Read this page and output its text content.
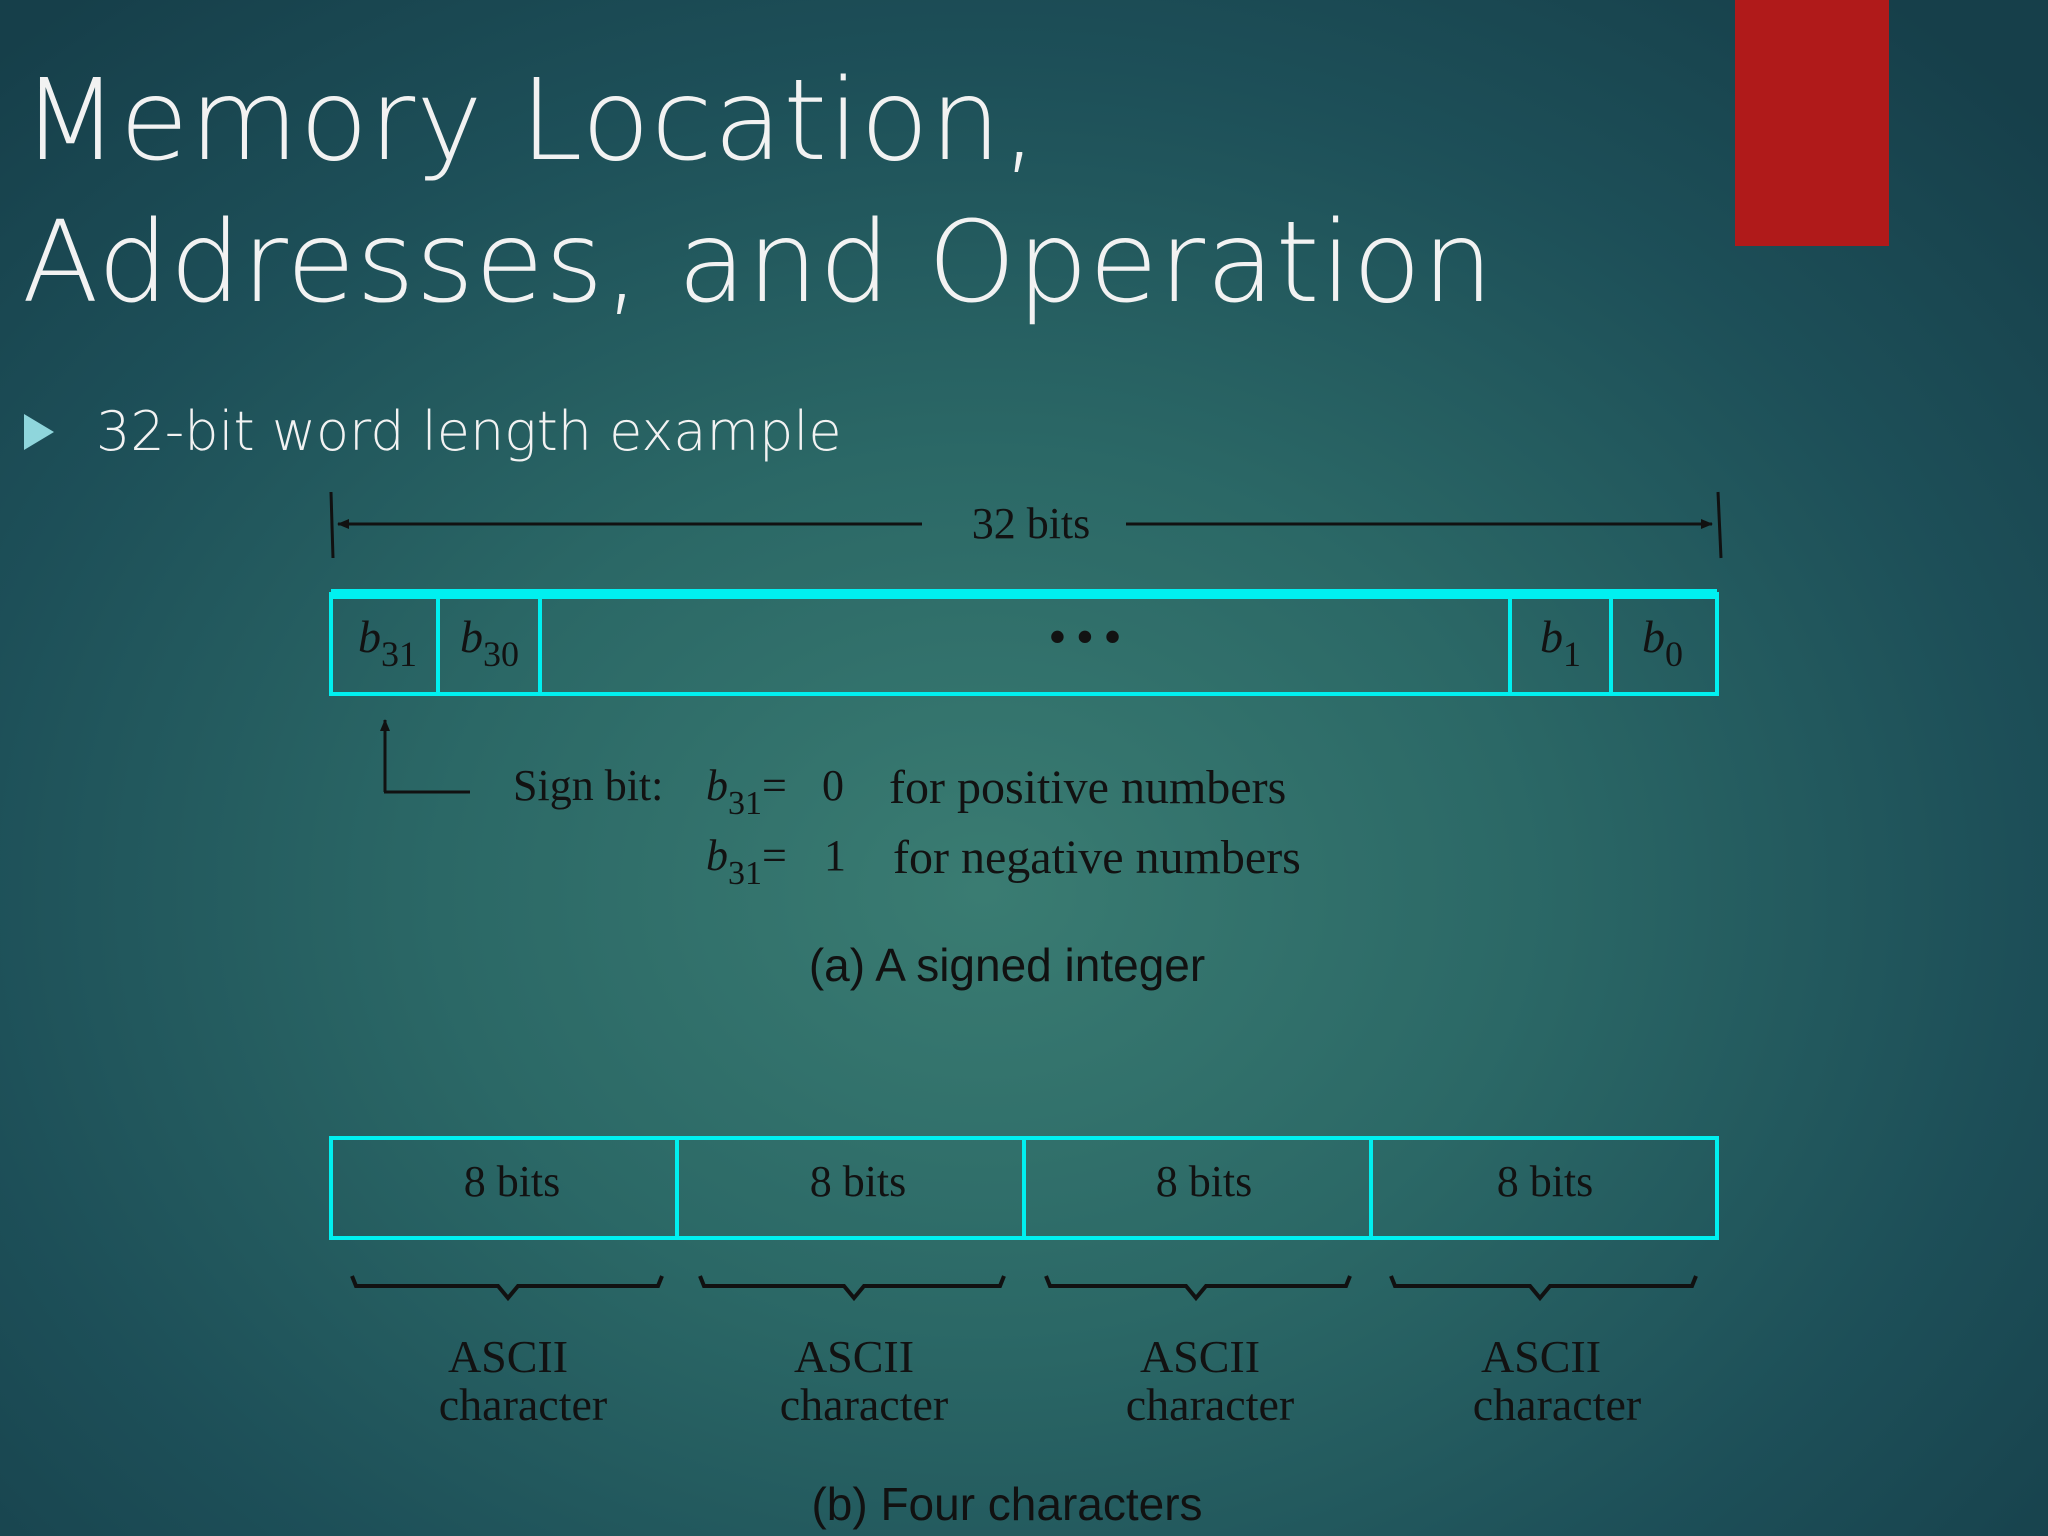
Memory Location,
Addresses, and Operation
32-bit word length example
32 bits
$b_{31}$ $b_{30}$	• • •	$b_1$ $b_0$
Sign bit: $b_{31}= 0$ for positive numbers
$b_{31}= 1$ for negative numbers
(a) A signed integer
8 bits	8 bits	8 bits	8 bits
ASCII character
ASCII character
ASCII character
ASCII character
(b) Four characters
